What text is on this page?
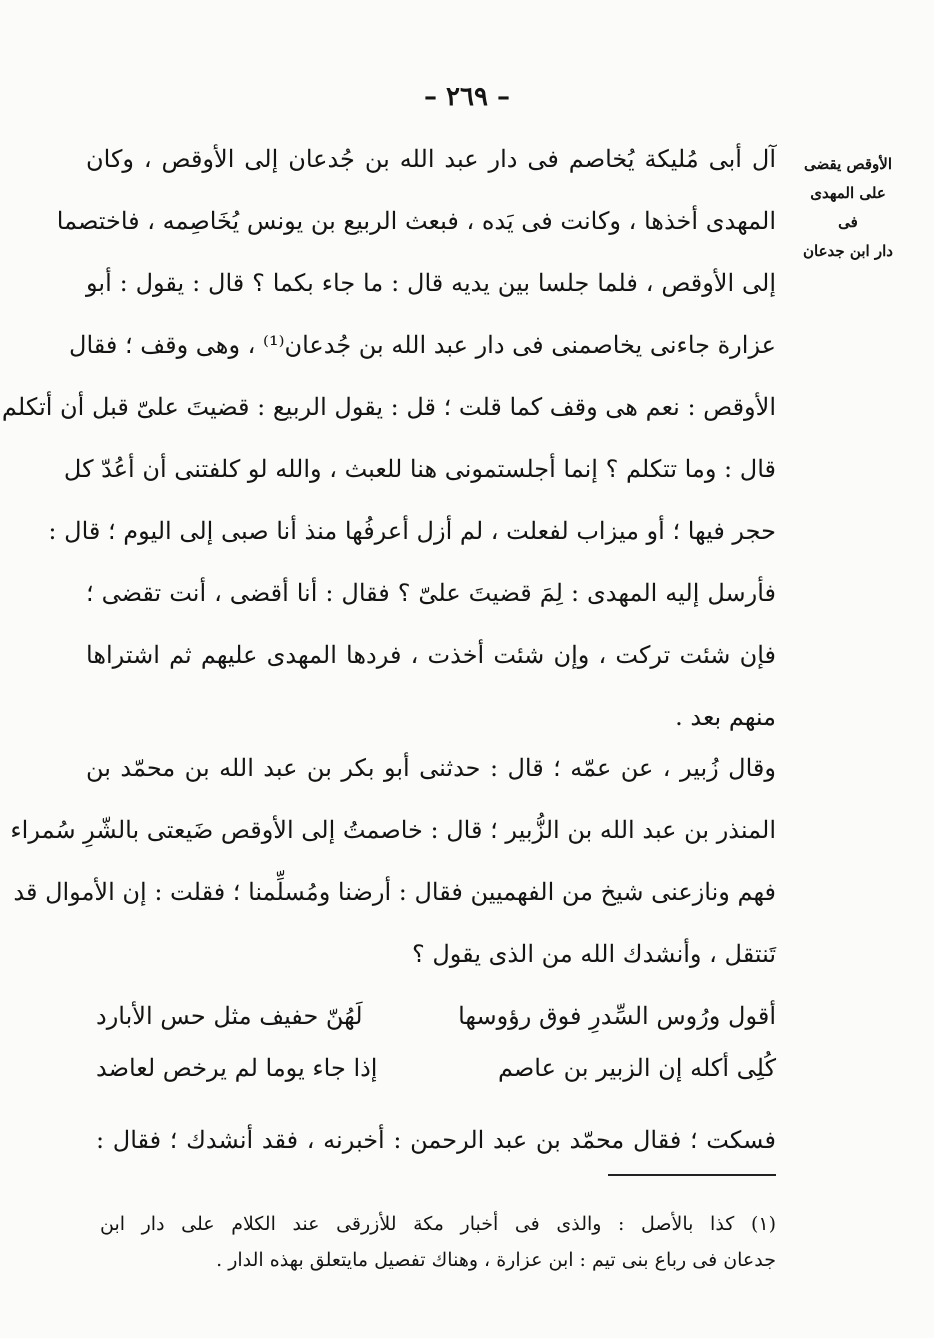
– ٢٦٩ –
الأوقص يقضى
على المهدى فى
دار ابن جدعان
آل أبى مُليكة يُخاصم فى دار عبد الله بن جُدعان إلى الأوقص ، وكان
المهدى أخذها ، وكانت فى يَده ، فبعث الربيع بن يونس يُخَاصِمه ، فاختصما
إلى الأوقص ، فلما جلسا بين يديه قال : ما جاء بكما ؟ قال : يقول : أبو
عزارة جاءنى يخاصمنى فى دار عبد الله بن جُدعان⁽¹⁾ ، وهى وقف ؛ فقال
الأوقص : نعم هى وقف كما قلت ؛ قل : يقول الربيع : قضيتَ علىّ قبل أن أتكلم
قال : وما تتكلم ؟ إنما أجلستمونى هنا للعبث ، والله لو كلفتنى أن أعُدّ كل
حجر فيها ؛ أو ميزاب لفعلت ، لم أزل أعرفُها منذ أنا صبى إلى اليوم ؛ قال :
فأرسل إليه المهدى : لِمَ قضيتَ علىّ ؟ فقال : أنا أقضى ، أنت تقضى ؛
فإن شئت تركت ، وإن شئت أخذت ، فردها المهدى عليهم ثم اشتراها
منهم بعد .
وقال زُبير ، عن عمّه ؛ قال : حدثنى أبو بكر بن عبد الله بن محمّد بن
المنذر بن عبد الله بن الزُّبير ؛ قال : خاصمتُ إلى الأوقص ضَيعتى بالشّرِ سُمراء
فهم ونازعنى شيخ من الفهميين فقال : أرضنا ومُسلِّمنا ؛ فقلت : إن الأموال قد
تَنتقل ، وأنشدك الله من الذى يقول ؟
أقول ورُوس السِّدرِ فوق رؤوسها
لَهُنّ حفيف مثل حس الأبارد
كُلِى أكله إن الزبير بن عاصم
إذا جاء يوما لم يرخص لعاضد
فسكت ؛ فقال محمّد بن عبد الرحمن : أخبرنه ، فقد أنشدك ؛ فقال :
(١) كذا بالأصل : والذى فى أخبار مكة للأزرقى عند الكلام على دار ابن
جدعان فى رباع بنى تيم : ابن عزارة ، وهناك تفصيل مايتعلق بهذه الدار .
